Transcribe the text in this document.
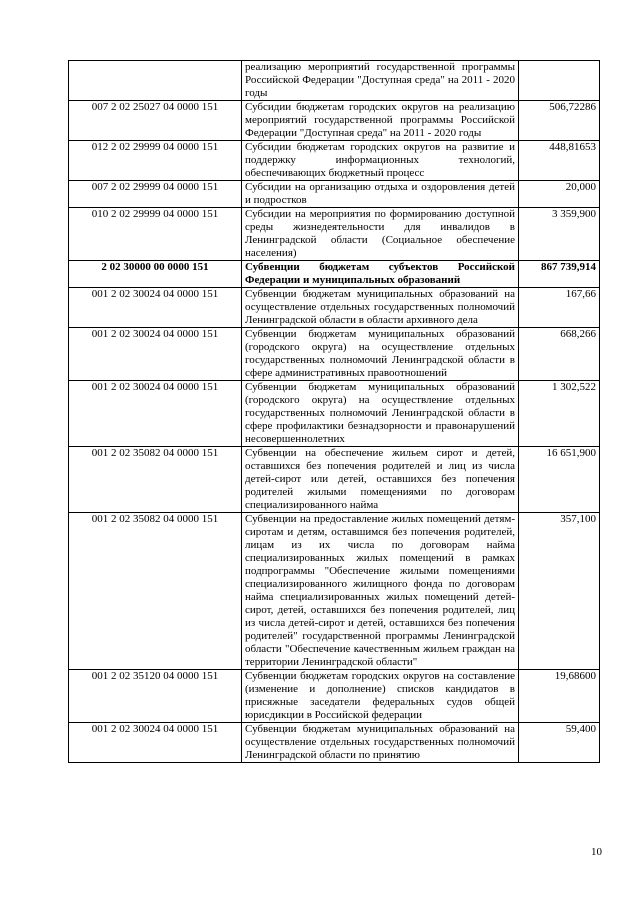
	реализацию мероприятий государственной программы Российской Федерации "Доступная среда" на 2011 - 2020 годы	
007 2 02 25027 04 0000 151	Субсидии бюджетам городских округов на реализацию мероприятий государственной программы Российской Федерации "Доступная среда" на 2011 - 2020 годы	506,72286
012 2 02 29999 04 0000 151	Субсидии бюджетам городских округов на развитие и поддержку информационных технологий, обеспечивающих бюджетный процесс	448,81653
007 2 02 29999 04 0000 151	Субсидии на организацию отдыха и оздоровления детей и подростков	20,000
010 2 02 29999 04 0000 151	Субсидии на мероприятия по формированию доступной среды жизнедеятельности для инвалидов в Ленинградской области (Социальное обеспечение населения)	3 359,900
2 02 30000 00 0000 151	Субвенции бюджетам субъектов Российской Федерации и муниципальных образований	867 739,914
001 2 02 30024 04 0000 151	Субвенции бюджетам муниципальных образований на осуществление отдельных государственных полномочий Ленинградской области в области архивного дела	167,66
001 2 02 30024 04 0000 151	Субвенции бюджетам муниципальных образований (городского округа) на осуществление отдельных государственных полномочий Ленинградской области в сфере административных правоотношений	668,266
001 2 02 30024 04 0000 151	Субвенции бюджетам муниципальных образований (городского округа) на осуществление отдельных государственных полномочий Ленинградской области в сфере профилактики безнадзорности и правонарушений несовершеннолетних	1 302,522
001 2 02 35082 04 0000 151	Субвенции на обеспечение жильем сирот и детей, оставшихся без попечения родителей и лиц из числа детей-сирот или детей, оставшихся без попечения родителей жилыми помещениями по договорам специализированного найма	16 651,900
001 2 02 35082 04 0000 151	Субвенции на предоставление жилых помещений детям-сиротам и детям, оставшимся без попечения родителей, лицам из их числа по договорам найма специализированных жилых помещений в рамках подпрограммы "Обеспечение жилыми помещениями специализированного жилищного фонда по договорам найма специализированных жилых помещений детей-сирот, детей, оставшихся без попечения родителей, лиц из числа детей-сирот и детей, оставшихся без попечения родителей" государственной программы Ленинградской области "Обеспечение качественным жильем граждан на территории Ленинградской области"	357,100
001 2 02 35120 04 0000 151	Субвенции бюджетам городских округов на составление (изменение и дополнение) списков кандидатов в присяжные заседатели федеральных судов общей юрисдикции в Российской федерации	19,68600
001 2 02 30024 04 0000 151	Субвенции бюджетам муниципальных образований на осуществление отдельных государственных полномочий Ленинградской области по принятию	59,400
10
